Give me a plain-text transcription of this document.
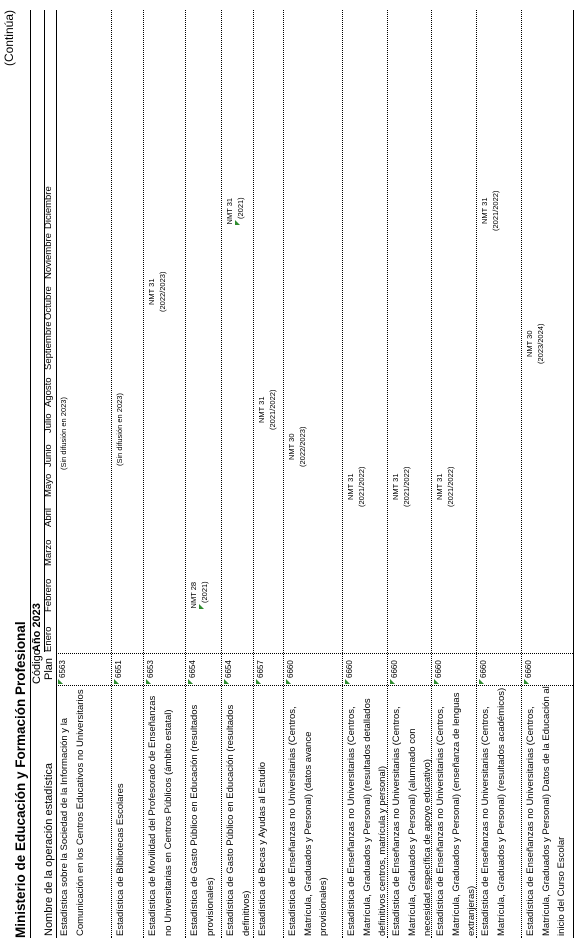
Ministerio de Educación y Formación Profesional
(Continúa)
Año 2023
Código Plan
Nombre de la operación estadística
Enero
Febrero
Marzo
Abril
Mayo
Junio
Julio
Agosto
Septiembre
Octubre
Noviembre
Diciembre
Estadística sobre la Sociedad de la Información y la Comunicación en los Centros Educativos no Universitarios
6563
(Sin difusión en 2023)
Estadística de Bibliotecas Escolares
6651
(Sin difusión en 2023)
Estadística de Movilidad del Profesorado de Enseñanzas no Universitarias en Centros Públicos (ámbito estatal)
6653
NMT 31 (2022/2023)
Estadística de Gasto Público en Educación (resultados provisionales)
6654
NMT 28 (2021)
Estadística de Gasto Público en Educación (resultados definitivos)
6654
NMT 31 (2021)
Estadística de Becas y Ayudas al Estudio
6657
NMT 31 (2021/2022)
Estadística de Enseñanzas no Universitarias (Centros, Matrícula, Graduados y Personal) (datos avance provisionales)
6660
NMT 30 (2022/2023)
Estadística de Enseñanzas no Universitarias (Centros, Matrícula, Graduados y Personal) (resultados detallados definitivos centros, matrícula y personal)
6660
NMT 31 (2021/2022)
Estadística de Enseñanzas no Universitarias (Centros, Matrícula, Graduados y Personal) (alumnado con necesidad específica de apoyo educativo)
6660
NMT 31 (2021/2022)
Estadística de Enseñanzas no Universitarias (Centros, Matrícula, Graduados y Personal) (enseñanza de lenguas extranjeras)
6660
NMT 31 (2021/2022)
Estadística de Enseñanzas no Universitarias (Centros, Matrícula, Graduados y Personal) (resultados académicos)
6660
NMT 31 (2021/2022)
Estadística de Enseñanzas no Universitarias (Centros, Matrícula, Graduados y Personal) Datos de la Educación al inicio del Curso Escolar
6660
NMT 30 (2023/2024)
